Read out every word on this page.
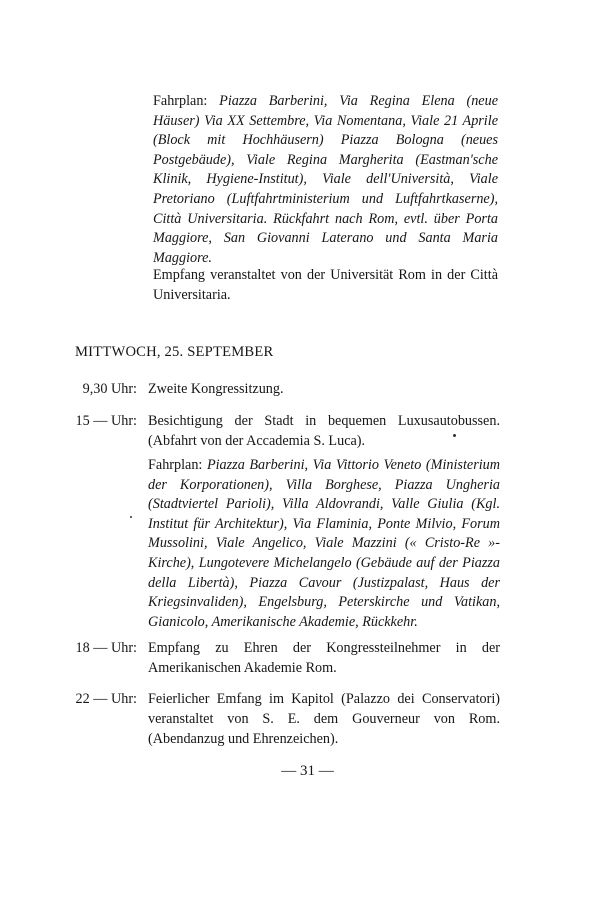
Fahrplan: Piazza Barberini, Via Regina Elena (neue Häuser) Via XX Settembre, Via Nomentana, Viale 21 Aprile (Block mit Hochhäusern) Piazza Bologna (neues Postgebäude), Viale Regina Margherita (Eastman'sche Klinik, Hygiene-Institut), Viale dell'Università, Viale Pretoriano (Luftfahrtministerium und Luftfahrtkaserne), Città Universitaria. Rückfahrt nach Rom, evtl. über Porta Maggiore, San Giovanni Laterano und Santa Maria Maggiore.
Empfang veranstaltet von der Universität Rom in der Città Universitaria.
MITTWOCH, 25. SEPTEMBER
9,30 Uhr: Zweite Kongressitzung.
15 — Uhr: Besichtigung der Stadt in bequemen Luxusautobussen. (Abfahrt von der Accademia S. Luca).
Fahrplan: Piazza Barberini, Via Vittorio Veneto (Ministerium der Korporationen), Villa Borghese, Piazza Ungheria (Stadtviertel Parioli), Villa Aldovrandi, Valle Giulia (Kgl. Institut für Architektur), Via Flaminia, Ponte Milvio, Forum Mussolini, Viale Angelico, Viale Mazzini (« Cristo-Re »-Kirche), Lungotevere Michelangelo (Gebäude auf der Piazza della Libertà), Piazza Cavour (Justizpalast, Haus der Kriegsinvaliden), Engelsburg, Peterskirche und Vatikan, Gianicolo, Amerikanische Akademie, Rückkehr.
18 — Uhr: Empfang zu Ehren der Kongressteilnehmer in der Amerikanischen Akademie Rom.
22 — Uhr: Feierlicher Emfang im Kapitol (Palazzo dei Conservatori) veranstaltet von S. E. dem Gouverneur von Rom. (Abendanzug und Ehrenzeichen).
— 31 —
